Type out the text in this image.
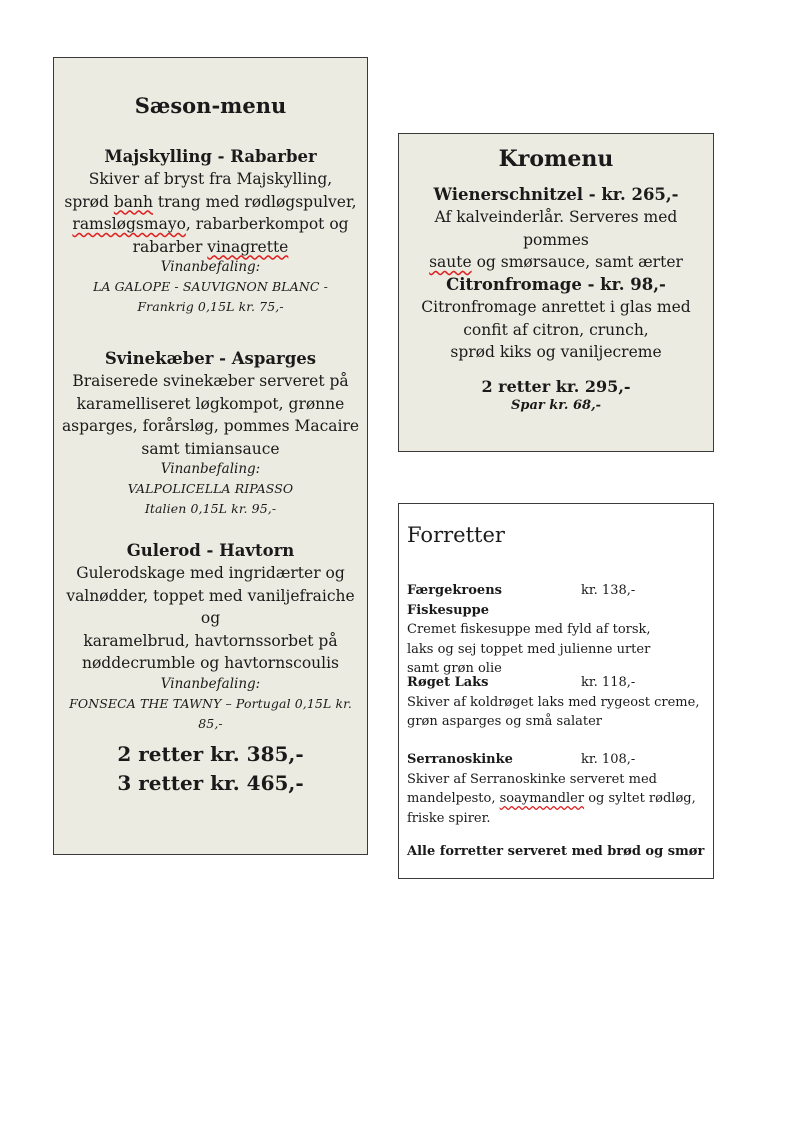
Sæson-menu
Majskylling - Rabarber
Skiver af bryst fra Majskylling,
sprød banh trang med rødløgspulver,
ramsløgsmayo, rabarberkompot og
rabarber vinagrette
Vinanbefaling:
LA GALOPE - SAUVIGNON BLANC -
Frankrig 0,15L kr. 75,-
Svinekæber - Asparges
Braiserede svinekæber serveret på
karamelliseret løgkompot, grønne
asparges, forårsløg, pommes Macaire
samt timiansauce
Vinanbefaling:
VALPOLICELLA RIPASSO
Italien 0,15L kr. 95,-
Gulerod - Havtorn
Gulerodskage med ingridærter og
valnødder, toppet med vaniljefraiche og
karamelbrud, havtornssorbet på
nøddecrumble og havtornscoulis
Vinanbefaling:
FONSECA THE TAWNY – Portugal 0,15L kr.
85,-
2 retter kr. 385,-
3 retter kr. 465,-
Kromenu
Wienerschnitzel - kr. 265,-
Af kalveinderlår. Serveres med pommes
saute og smørsauce, samt ærter
Citronfromage - kr. 98,-
Citronfromage anrettet i glas med
confit af citron, crunch,
sprød kiks og vaniljecreme
2 retter kr. 295,-
Spar kr. 68,-
Forretter
Færgekroens Fiskesuppe
kr. 138,-
Cremet fiskesuppe med fyld af torsk,
laks og sej toppet med julienne urter
samt grøn olie
Røget Laks	kr. 118,-
Skiver af koldrøget laks med rygeost creme,
grøn asparges og små salater
Serranoskinke	kr. 108,-
Skiver af Serranoskinke serveret med
mandelpesto, soaymandler og syltet rødløg,
friske spirer.
Alle forretter serveret med brød og smør
